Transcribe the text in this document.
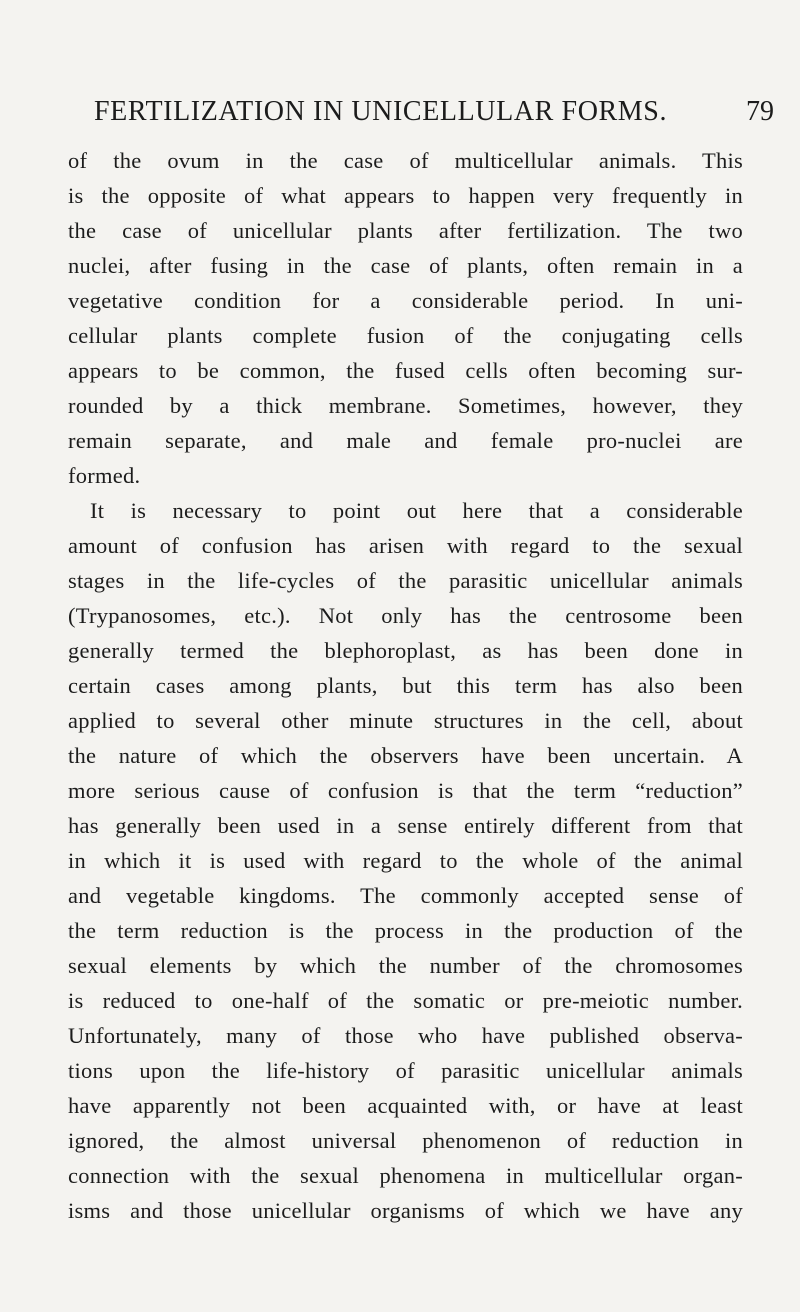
FERTILIZATION IN UNICELLULAR FORMS.	79
of the ovum in the case of multicellular animals. This
is the opposite of what appears to happen very frequently in
the case of unicellular plants after fertilization. The two
nuclei, after fusing in the case of plants, often remain in a
vegetative condition for a considerable period. In uni-
cellular plants complete fusion of the conjugating cells
appears to be common, the fused cells often becoming sur-
rounded by a thick membrane. Sometimes, however, they
remain separate, and male and female pro-nuclei are
formed.
It is necessary to point out here that a considerable
amount of confusion has arisen with regard to the sexual
stages in the life-cycles of the parasitic unicellular animals
(Trypanosomes, etc.). Not only has the centrosome been
generally termed the blephoroplast, as has been done in
certain cases among plants, but this term has also been
applied to several other minute structures in the cell, about
the nature of which the observers have been uncertain. A
more serious cause of confusion is that the term “reduction”
has generally been used in a sense entirely different from that
in which it is used with regard to the whole of the animal
and vegetable kingdoms. The commonly accepted sense of
the term reduction is the process in the production of the
sexual elements by which the number of the chromosomes
is reduced to one-half of the somatic or pre-meiotic number.
Unfortunately, many of those who have published observa-
tions upon the life-history of parasitic unicellular animals
have apparently not been acquainted with, or have at least
ignored, the almost universal phenomenon of reduction in
connection with the sexual phenomena in multicellular organ-
isms and those unicellular organisms of which we have any
